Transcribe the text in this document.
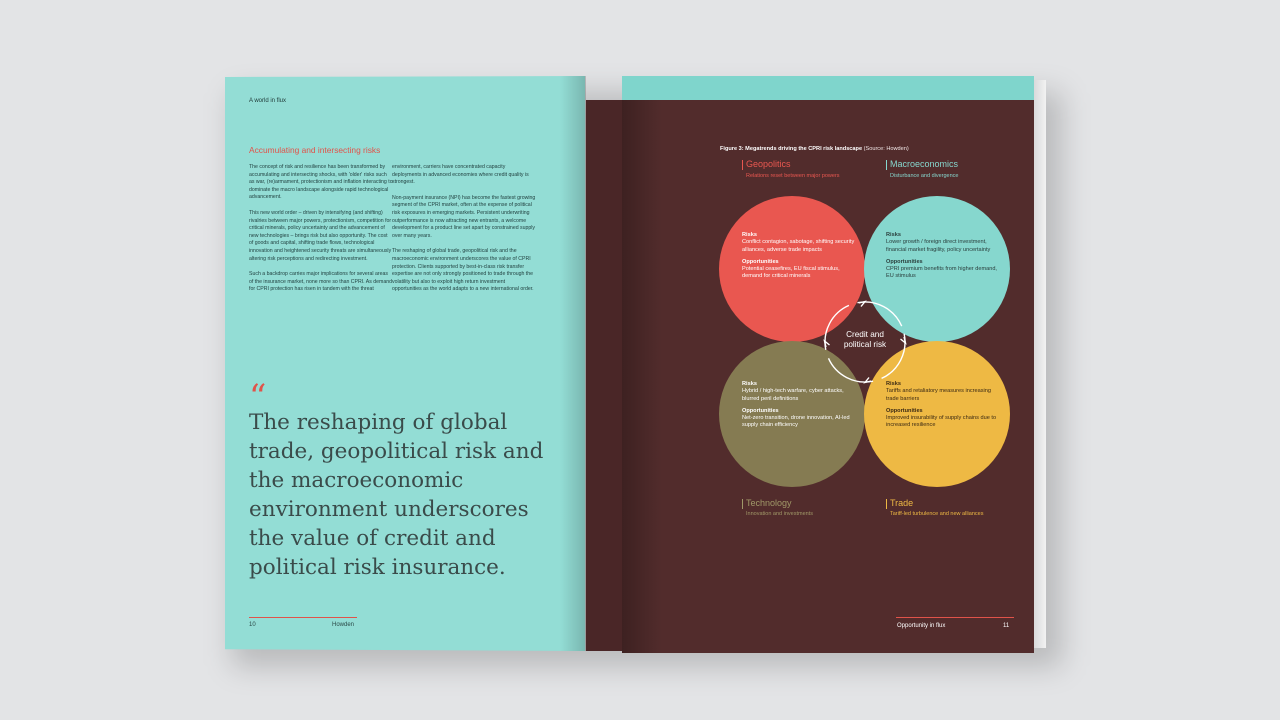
A world in flux
Accumulating and intersecting risks

The concept of risk and resilience has been transformed by accumulating and intersecting shocks, with 'older' risks such as war, (re)armament, protectionism and inflation interacting to dominate the macro landscape alongside rapid technological advancement.

This new world order – driven by intensifying (and shifting) rivalries between major powers, protectionism, competition for critical minerals, policy uncertainty and the advancement of new technologies – brings risk but also opportunity. The cost of goods and capital, shifting trade flows, technological innovation and heightened security threats are simultaneously altering risk perceptions and redirecting investment.

Such a backdrop carries major implications for several areas of the insurance market, none more so than CPRI. As demand for CPRI protection has risen in tandem with the threat

environment, carriers have concentrated capacity deployments in advanced economies where credit quality is strongest.

Non-payment insurance (NPI) has become the fastest growing segment of the CPRI market, often at the expense of political risk exposures in emerging markets. Persistent underwriting outperformance is now attracting new entrants, a welcome development for a product line set apart by constrained supply over many years.

The reshaping of global trade, geopolitical risk and the macroeconomic environment underscores the value of CPRI protection. Clients supported by best-in-class risk transfer expertise are not only strongly positioned to trade through the volatility but also to exploit high return investment opportunities as the world adapts to a new international order.

“
The reshaping of global trade, geopolitical risk and the macroeconomic environment underscores the value of credit and political risk insurance.
10	Howden
Figure 3: Megatrends driving the CPRI risk landscape (Source: Howden)
Geopolitics
Relations reset between major powers
Macroeconomics
Disturbance and divergence
Technology
Innovation and investments
Trade
Tariff-led turbulence and new alliances
Risks
Conflict contagion, sabotage, shifting security alliances, adverse trade impacts
Opportunities
Potential ceasefires, EU fiscal stimulus, demand for critical minerals
Risks
Lower growth / foreign direct investment, financial market fragility, policy uncertainty
Opportunities
CPRI premium benefits from higher demand, EU stimulus
Risks
Hybrid / high-tech warfare, cyber attacks, blurred peril definitions
Opportunities
Net-zero transition, drone innovation, AI-led supply chain efficiency
Risks
Tariffs and retaliatory measures increasing trade barriers
Opportunities
Improved insurability of supply chains due to increased resilience
Credit and political risk
Opportunity in flux	11
